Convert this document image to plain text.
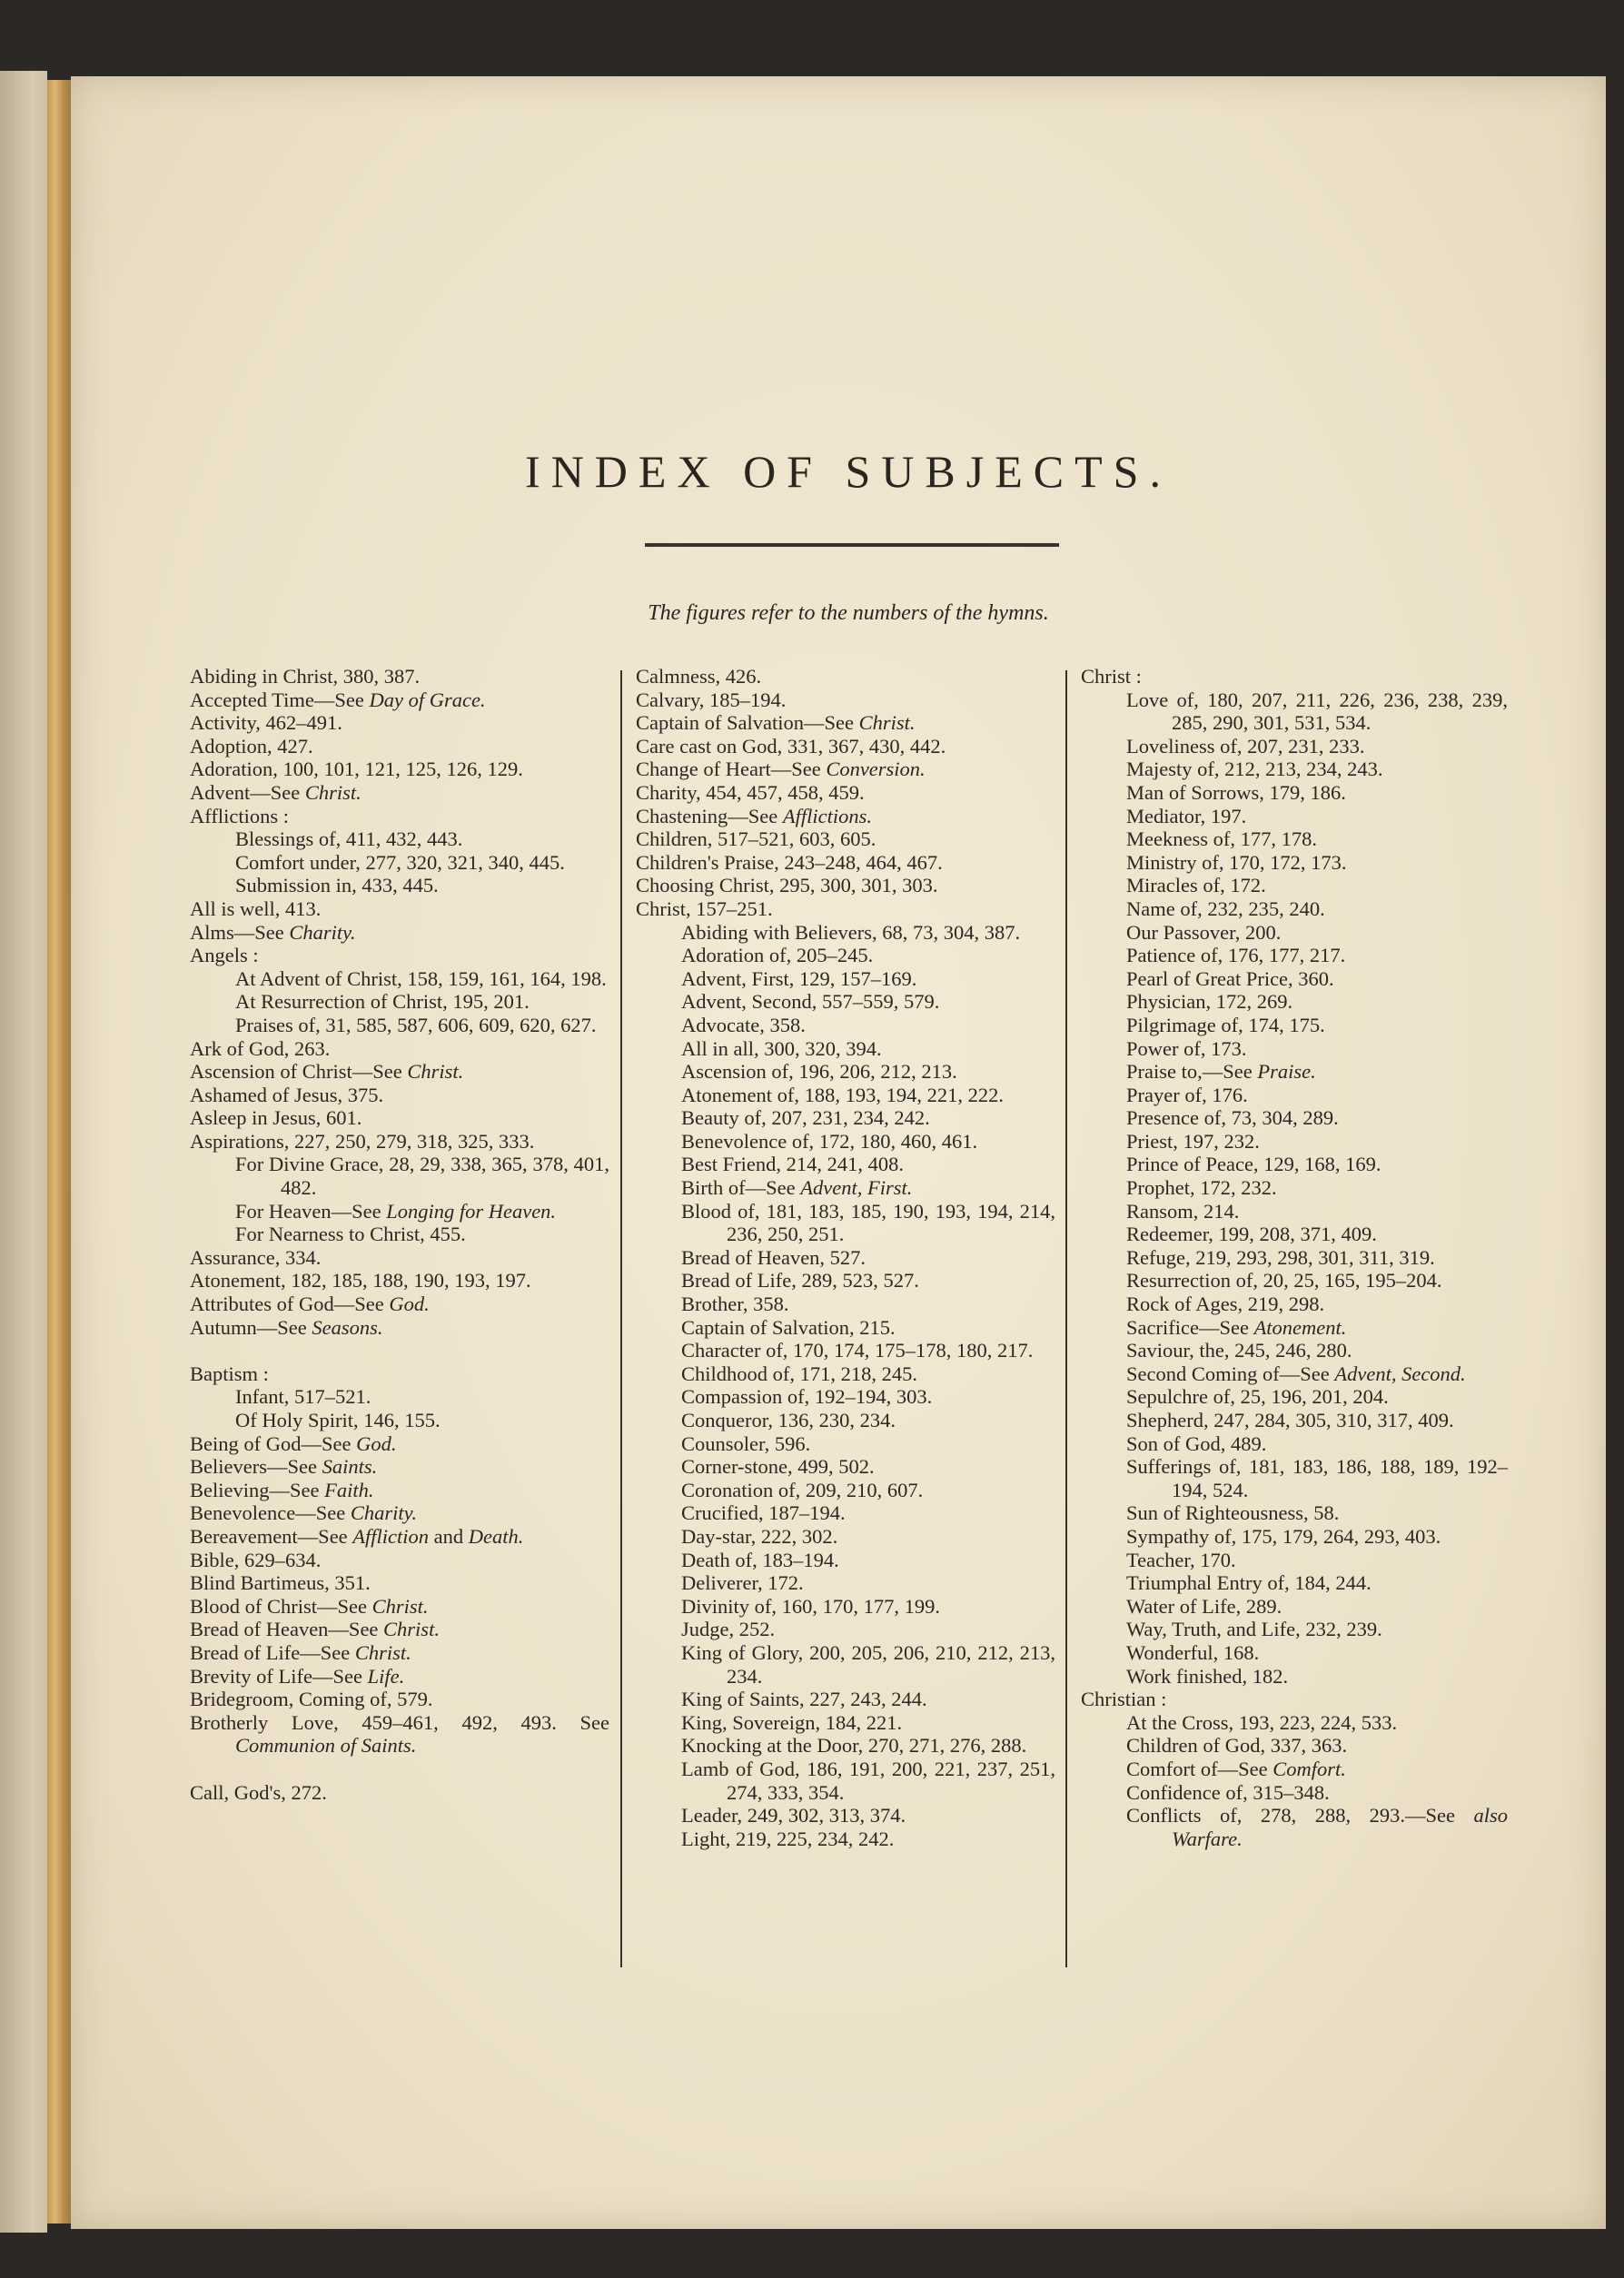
INDEX OF SUBJECTS.
The figures refer to the numbers of the hymns.
Abiding in Christ, 380, 387.
Accepted Time—See Day of Grace.
Activity, 462–491.
Adoption, 427.
Adoration, 100, 101, 121, 125, 126, 129.
Advent—See Christ.
Afflictions :
Blessings of, 411, 432, 443.
Comfort under, 277, 320, 321, 340, 445.
Submission in, 433, 445.
All is well, 413.
Alms—See Charity.
Angels :
At Advent of Christ, 158, 159, 161, 164, 198.
At Resurrection of Christ, 195, 201.
Praises of, 31, 585, 587, 606, 609, 620, 627.
Ark of God, 263.
Ascension of Christ—See Christ.
Ashamed of Jesus, 375.
Asleep in Jesus, 601.
Aspirations, 227, 250, 279, 318, 325, 333.
For Divine Grace, 28, 29, 338, 365, 378, 401, 482.
For Heaven—See Longing for Heaven.
For Nearness to Christ, 455.
Assurance, 334.
Atonement, 182, 185, 188, 190, 193, 197.
Attributes of God—See God.
Autumn—See Seasons.
Baptism :
Infant, 517–521.
Of Holy Spirit, 146, 155.
Being of God—See God.
Believers—See Saints.
Believing—See Faith.
Benevolence—See Charity.
Bereavement—See Affliction and Death.
Bible, 629–634.
Blind Bartimeus, 351.
Blood of Christ—See Christ.
Bread of Heaven—See Christ.
Bread of Life—See Christ.
Brevity of Life—See Life.
Bridegroom, Coming of, 579.
Brotherly Love, 459–461, 492, 493. See Communion of Saints.
Call, God's, 272.
Calmness, 426.
Calvary, 185–194.
Captain of Salvation—See Christ.
Care cast on God, 331, 367, 430, 442.
Change of Heart—See Conversion.
Charity, 454, 457, 458, 459.
Chastening—See Afflictions.
Children, 517–521, 603, 605.
Children's Praise, 243–248, 464, 467.
Choosing Christ, 295, 300, 301, 303.
Christ, 157–251.
Abiding with Believers, 68, 73, 304, 387.
Adoration of, 205–245.
Advent, First, 129, 157–169.
Advent, Second, 557–559, 579.
Advocate, 358.
All in all, 300, 320, 394.
Ascension of, 196, 206, 212, 213.
Atonement of, 188, 193, 194, 221, 222.
Beauty of, 207, 231, 234, 242.
Benevolence of, 172, 180, 460, 461.
Best Friend, 214, 241, 408.
Birth of—See Advent, First.
Blood of, 181, 183, 185, 190, 193, 194, 214, 236, 250, 251.
Bread of Heaven, 527.
Bread of Life, 289, 523, 527.
Brother, 358.
Captain of Salvation, 215.
Character of, 170, 174, 175–178, 180, 217.
Childhood of, 171, 218, 245.
Compassion of, 192–194, 303.
Conqueror, 136, 230, 234.
Counsoler, 596.
Corner-stone, 499, 502.
Coronation of, 209, 210, 607.
Crucified, 187–194.
Day-star, 222, 302.
Death of, 183–194.
Deliverer, 172.
Divinity of, 160, 170, 177, 199.
Judge, 252.
King of Glory, 200, 205, 206, 210, 212, 213, 234.
King of Saints, 227, 243, 244.
King, Sovereign, 184, 221.
Knocking at the Door, 270, 271, 276, 288.
Lamb of God, 186, 191, 200, 221, 237, 251, 274, 333, 354.
Leader, 249, 302, 313, 374.
Light, 219, 225, 234, 242.
Christ :
Love of, 180, 207, 211, 226, 236, 238, 239, 285, 290, 301, 531, 534.
Loveliness of, 207, 231, 233.
Majesty of, 212, 213, 234, 243.
Man of Sorrows, 179, 186.
Mediator, 197.
Meekness of, 177, 178.
Ministry of, 170, 172, 173.
Miracles of, 172.
Name of, 232, 235, 240.
Our Passover, 200.
Patience of, 176, 177, 217.
Pearl of Great Price, 360.
Physician, 172, 269.
Pilgrimage of, 174, 175.
Power of, 173.
Praise to,—See Praise.
Prayer of, 176.
Presence of, 73, 304, 289.
Priest, 197, 232.
Prince of Peace, 129, 168, 169.
Prophet, 172, 232.
Ransom, 214.
Redeemer, 199, 208, 371, 409.
Refuge, 219, 293, 298, 301, 311, 319.
Resurrection of, 20, 25, 165, 195–204.
Rock of Ages, 219, 298.
Sacrifice—See Atonement.
Saviour, the, 245, 246, 280.
Second Coming of—See Advent, Second.
Sepulchre of, 25, 196, 201, 204.
Shepherd, 247, 284, 305, 310, 317, 409.
Son of God, 489.
Sufferings of, 181, 183, 186, 188, 189, 192–194, 524.
Sun of Righteousness, 58.
Sympathy of, 175, 179, 264, 293, 403.
Teacher, 170.
Triumphal Entry of, 184, 244.
Water of Life, 289.
Way, Truth, and Life, 232, 239.
Wonderful, 168.
Work finished, 182.
Christian :
At the Cross, 193, 223, 224, 533.
Children of God, 337, 363.
Comfort of—See Comfort.
Confidence of, 315–348.
Conflicts of, 278, 288, 293.—See also Warfare.
